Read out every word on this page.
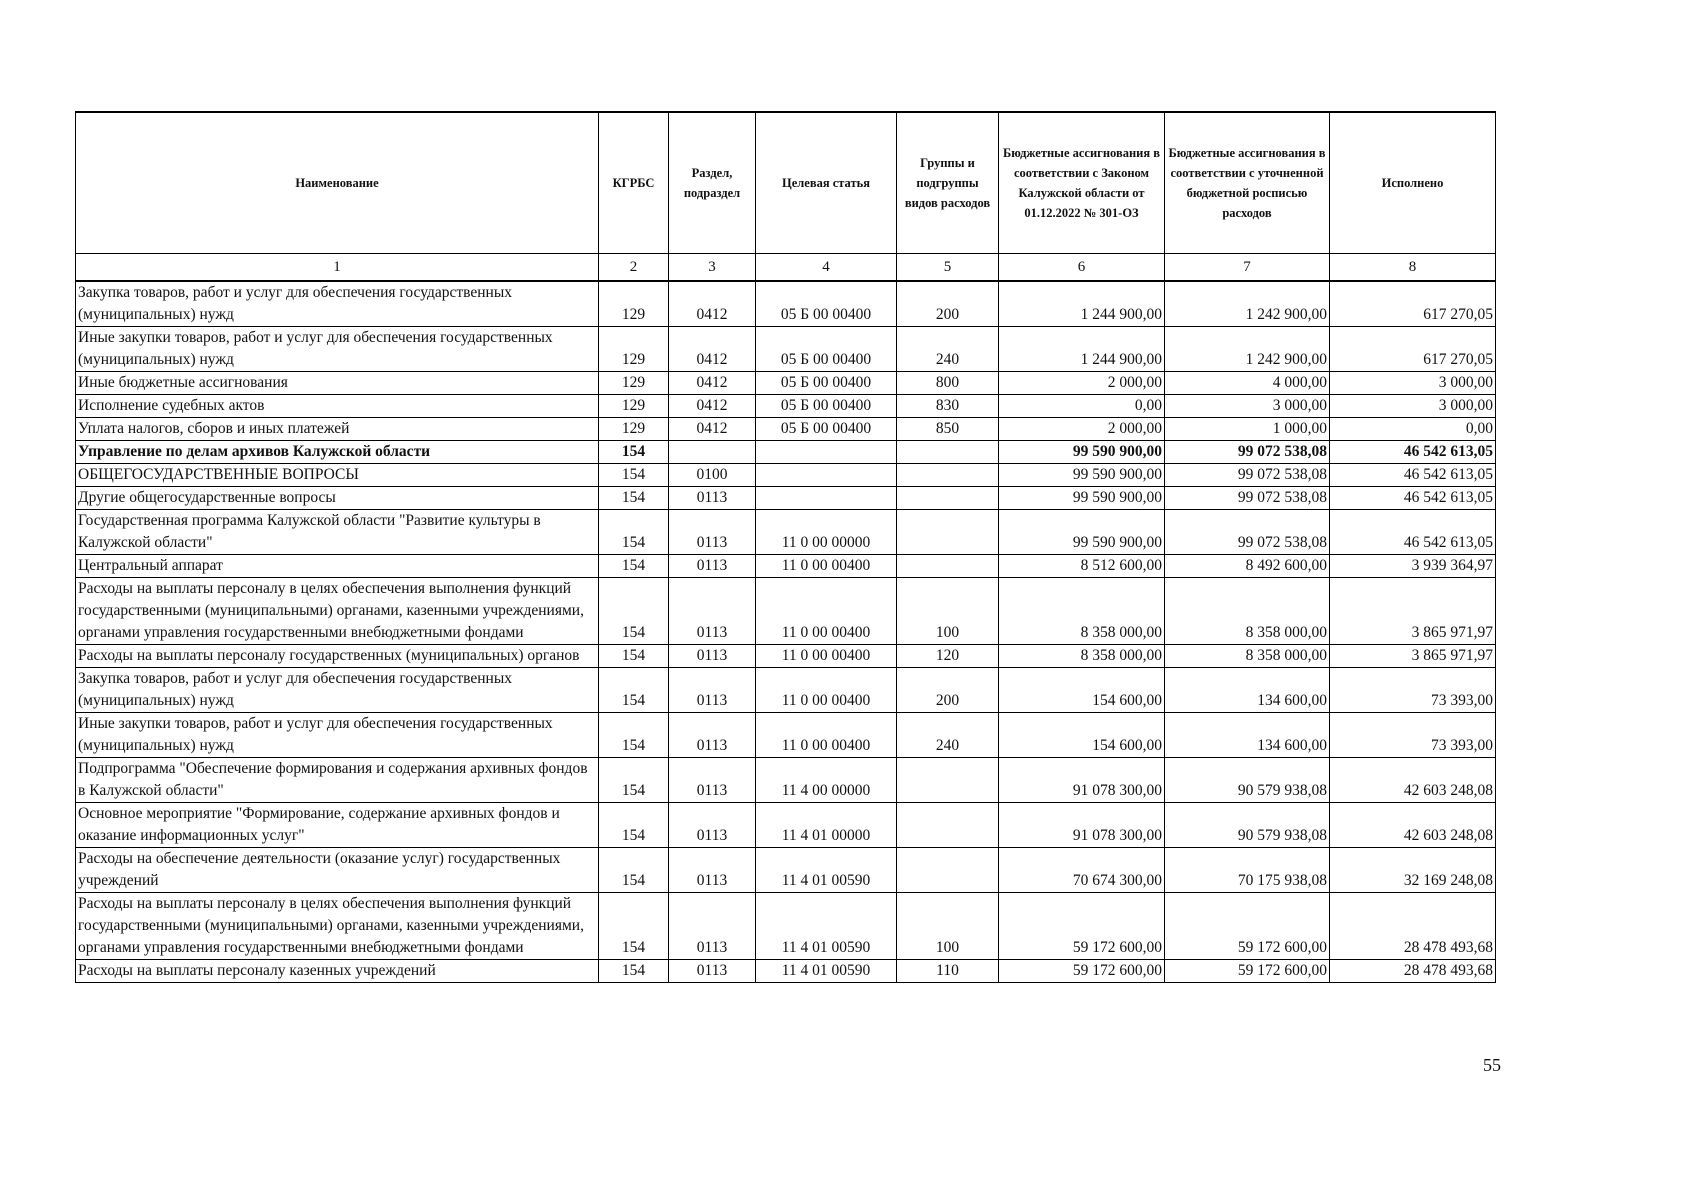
Наименование	КГРБС	Раздел, подраздел	Целевая статья	Группы и подгруппы видов расходов	Бюджетные ассигнования в соответствии с Законом Калужской области от 01.12.2022 № 301-ОЗ	Бюджетные ассигнования в соответствии с уточненной бюджетной росписью расходов	Исполнено
1	2	3	4	5	6	7	8
Закупка товаров, работ и услуг для обеспечения государственных (муниципальных) нужд	129	0412	05 Б 00 00400	200	1 244 900,00	1 242 900,00	617 270,05
Иные закупки товаров, работ и услуг для обеспечения государственных (муниципальных) нужд	129	0412	05 Б 00 00400	240	1 244 900,00	1 242 900,00	617 270,05
Иные бюджетные ассигнования	129	0412	05 Б 00 00400	800	2 000,00	4 000,00	3 000,00
Исполнение судебных актов	129	0412	05 Б 00 00400	830	0,00	3 000,00	3 000,00
Уплата налогов, сборов и иных платежей	129	0412	05 Б 00 00400	850	2 000,00	1 000,00	0,00
Управление по делам архивов Калужской области	154				99 590 900,00	99 072 538,08	46 542 613,05
ОБЩЕГОСУДАРСТВЕННЫЕ ВОПРОСЫ	154	0100			99 590 900,00	99 072 538,08	46 542 613,05
Другие общегосударственные вопросы	154	0113			99 590 900,00	99 072 538,08	46 542 613,05
Государственная программа Калужской области "Развитие культуры в Калужской области"	154	0113	11 0 00 00000		99 590 900,00	99 072 538,08	46 542 613,05
Центральный аппарат	154	0113	11 0 00 00400		8 512 600,00	8 492 600,00	3 939 364,97
Расходы на выплаты персоналу в целях обеспечения выполнения функций государственными (муниципальными) органами, казенными учреждениями, органами управления государственными внебюджетными фондами	154	0113	11 0 00 00400	100	8 358 000,00	8 358 000,00	3 865 971,97
Расходы на выплаты персоналу государственных (муниципальных) органов	154	0113	11 0 00 00400	120	8 358 000,00	8 358 000,00	3 865 971,97
Закупка товаров, работ и услуг для обеспечения государственных (муниципальных) нужд	154	0113	11 0 00 00400	200	154 600,00	134 600,00	73 393,00
Иные закупки товаров, работ и услуг для обеспечения государственных (муниципальных) нужд	154	0113	11 0 00 00400	240	154 600,00	134 600,00	73 393,00
Подпрограмма "Обеспечение формирования и содержания архивных фондов в Калужской области"	154	0113	11 4 00 00000		91 078 300,00	90 579 938,08	42 603 248,08
Основное мероприятие "Формирование, содержание архивных фондов и оказание информационных услуг"	154	0113	11 4 01 00000		91 078 300,00	90 579 938,08	42 603 248,08
Расходы на обеспечение деятельности (оказание услуг) государственных учреждений	154	0113	11 4 01 00590		70 674 300,00	70 175 938,08	32 169 248,08
Расходы на выплаты персоналу в целях обеспечения выполнения функций государственными (муниципальными) органами, казенными учреждениями, органами управления государственными внебюджетными фондами	154	0113	11 4 01 00590	100	59 172 600,00	59 172 600,00	28 478 493,68
Расходы на выплаты персоналу казенных учреждений	154	0113	11 4 01 00590	110	59 172 600,00	59 172 600,00	28 478 493,68
55
